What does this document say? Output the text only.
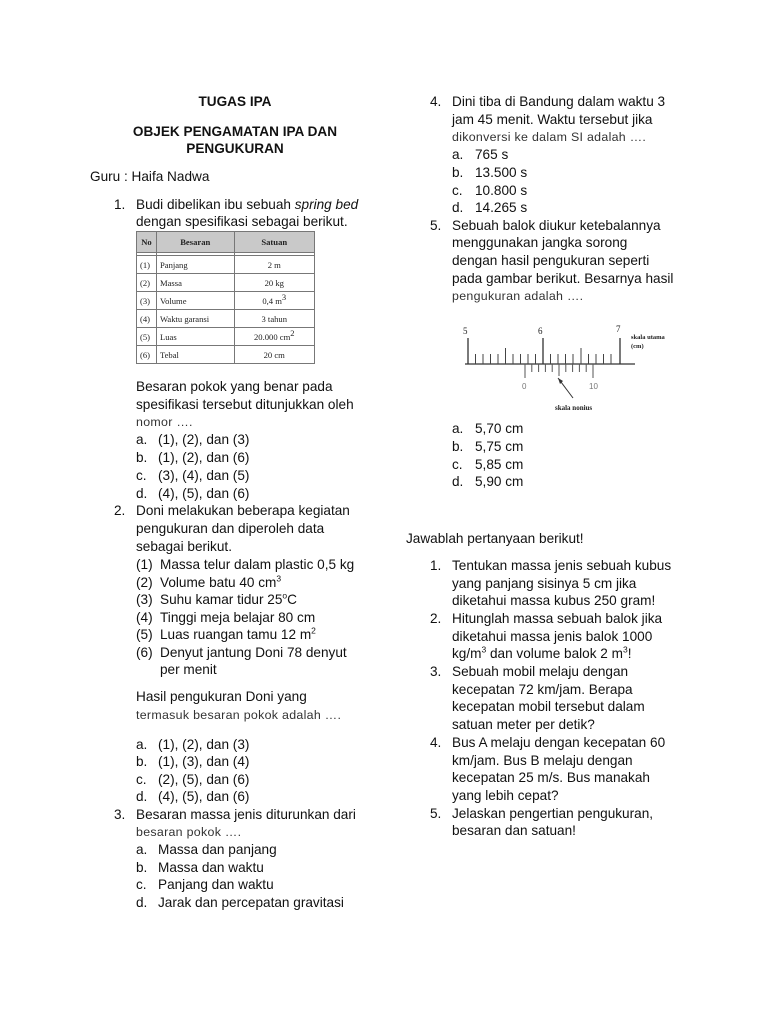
TUGAS IPA
OBJEK PENGAMATAN IPA DAN
PENGUKURAN
Guru : Haifa Nadwa
1. Budi dibelikan ibu sebuah spring bed
dengan spesifikasi sebagai berikut.
No	Besaran	Satuan

(1)	Panjang	2 m
(2)	Massa	20 kg
(3)	Volume	0,4 $m^3$
(4)	Waktu garansi	3 tahun
(5)	Luas	20.000 $cm^2$
(6)	Tebal	20 cm
Besaran pokok yang benar pada
spesifikasi tersebut ditunjukkan oleh
nomor ….
a. (1), (2), dan (3)
b. (1), (2), dan (6)
c. (3), (4), dan (5)
d. (4), (5), dan (6)
2. Doni melakukan beberapa kegiatan
pengukuran dan diperoleh data
sebagai berikut.
(1) Massa telur dalam plastic 0,5 kg
(2) Volume batu 40 $cm^3$
(3) Suhu kamar tidur 25$^o$C
(4) Tinggi meja belajar 80 cm
(5) Luas ruangan tamu 12 $m^2$
(6) Denyut jantung Doni 78 denyut
per menit
Hasil pengukuran Doni yang
termasuk besaran pokok adalah ….
a. (1), (2), dan (3)
b. (1), (3), dan (4)
c. (2), (5), dan (6)
d. (4), (5), dan (6)
3. Besaran massa jenis diturunkan dari
besaran pokok ….
a. Massa dan panjang
b. Massa dan waktu
c. Panjang dan waktu
d. Jarak dan percepatan gravitasi
4. Dini tiba di Bandung dalam waktu 3
jam 45 menit. Waktu tersebut jika
dikonversi ke dalam SI adalah ….
a. 765 s
b. 13.500 s
c. 10.800 s
d. 14.265 s
5. Sebuah balok diukur ketebalannya
menggunakan jangka sorong
dengan hasil pengukuran seperti
pada gambar berikut. Besarnya hasil
pengukuran adalah ….
5	6	7
skala utama
(cm)
0	10
skala nonius
a. 5,70 cm
b. 5,75 cm
c. 5,85 cm
d. 5,90 cm
Jawablah pertanyaan berikut!
1. Tentukan massa jenis sebuah kubus
yang panjang sisinya 5 cm jika
diketahui massa kubus 250 gram!
2. Hitunglah massa sebuah balok jika
diketahui massa jenis balok 1000
$kg/m^3$ dan volume balok 2 $m^3$!
3. Sebuah mobil melaju dengan
kecepatan 72 km/jam. Berapa
kecepatan mobil tersebut dalam
satuan meter per detik?
4. Bus A melaju dengan kecepatan 60
km/jam. Bus B melaju dengan
kecepatan 25 m/s. Bus manakah
yang lebih cepat?
5. Jelaskan pengertian pengukuran,
besaran dan satuan!
